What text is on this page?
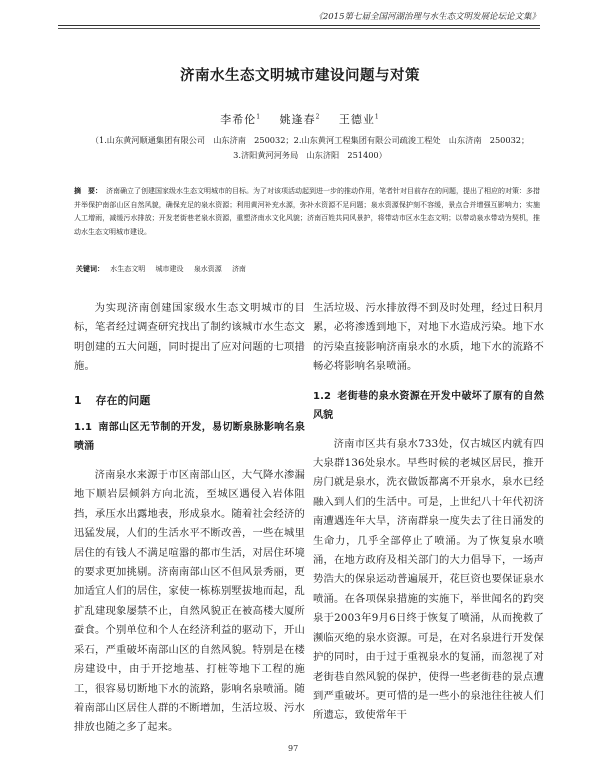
《2015第七届全国河湖治理与水生态文明发展论坛论文集》
济南水生态文明城市建设问题与对策
李希伦$^1$ 姚逢春$^2$ 王德业$^1$
（1.山东黄河顺通集团有限公司　山东济南　250032；2.山东黄河工程集团有限公司疏浚工程处　山东济南　250032；
3.济阳黄河河务局　山东济阳　251400）
摘　要： 济南确立了创建国家级水生态文明城市的目标。为了对该项活动起到进一步的推动作用，笔者针对目前存在的问题，提出了相应的对策：多措并举保护南部山区自然风貌，确保充足的泉水资源；利用黄河补充水源，弥补水资源不足问题；泉水资源保护刻不容缓，景点合并增强互影响力；实施人工增雨，减缓污水排放；开发老街巷老泉水资源，重塑济南水文化风貌；济南百姓共同风景护，将带动市区水生态文明；以带动泉水带动为契机，推动水生态文明城市建设。
关键词： 水生态文明 城市建设 泉水资源 济南

为实现济南创建国家级水生态文明城市的目标，笔者经过调查研究找出了制约该城市水生态文明创建的五大问题，同时提出了应对问题的七项措施。

1 存在的问题
1.1 南部山区无节制的开发，易切断泉脉影响名泉喷涌

济南泉水来源于市区南部山区，大气降水渗漏地下顺岩层倾斜方向北流，至城区遇侵入岩体阻挡，承压水出露地表，形成泉水。随着社会经济的迅猛发展，人们的生活水平不断改善，一些在城里居住的有钱人不满足喧嚣的都市生活，对居住环境的要求更加挑剔。济南南部山区不但风景秀丽，更加适宜人们的居住，家使一栋栋别墅拔地而起，乱扩乱建现象屡禁不止，自然风貌正在被高楼大厦所蚕食。个别单位和个人在经济利益的驱动下，开山采石，严重破坏南部山区的自然风貌。特别是在楼房建设中，由于开挖地基、打桩等地下工程的施工，很容易切断地下水的流路，影响名泉喷涌。随着南部山区居住人群的不断增加，生活垃圾、污水排放也随之多了起来。

生活垃圾、污水排放得不到及时处理，经过日积月累，必将渗透到地下，对地下水造成污染。地下水的污染直接影响济南泉水的水质，地下水的流路不畅必将影响名泉喷涌。

1.2 老街巷的泉水资源在开发中破坏了原有的自然风貌

济南市区共有泉水733处，仅古城区内就有四大泉群136处泉水。早些时候的老城区居民，推开房门就是泉水，洗衣做饭都离不开泉水，泉水已经融入到人们的生活中。可是，上世纪八十年代初济南遭遇连年大旱，济南群泉一度失去了往日涌发的生命力，几乎全部停止了喷涌。为了恢复泉水喷涌，在地方政府及相关部门的大力倡导下，一场声势浩大的保泉运动普遍展开，花巨资也要保证泉水喷涌。在各项保泉措施的实施下，举世闻名的趵突泉于2003年9月6日终于恢复了喷涌，从而挽救了濒临灭绝的泉水资源。可是，在对名泉进行开发保护的同时，由于过于重视泉水的复涌，而忽视了对老街巷自然风貌的保护，使得一些老街巷的景点遭到严重破坏。更可惜的是一些小的泉池往往被人们所遗忘，致使常年干

97
